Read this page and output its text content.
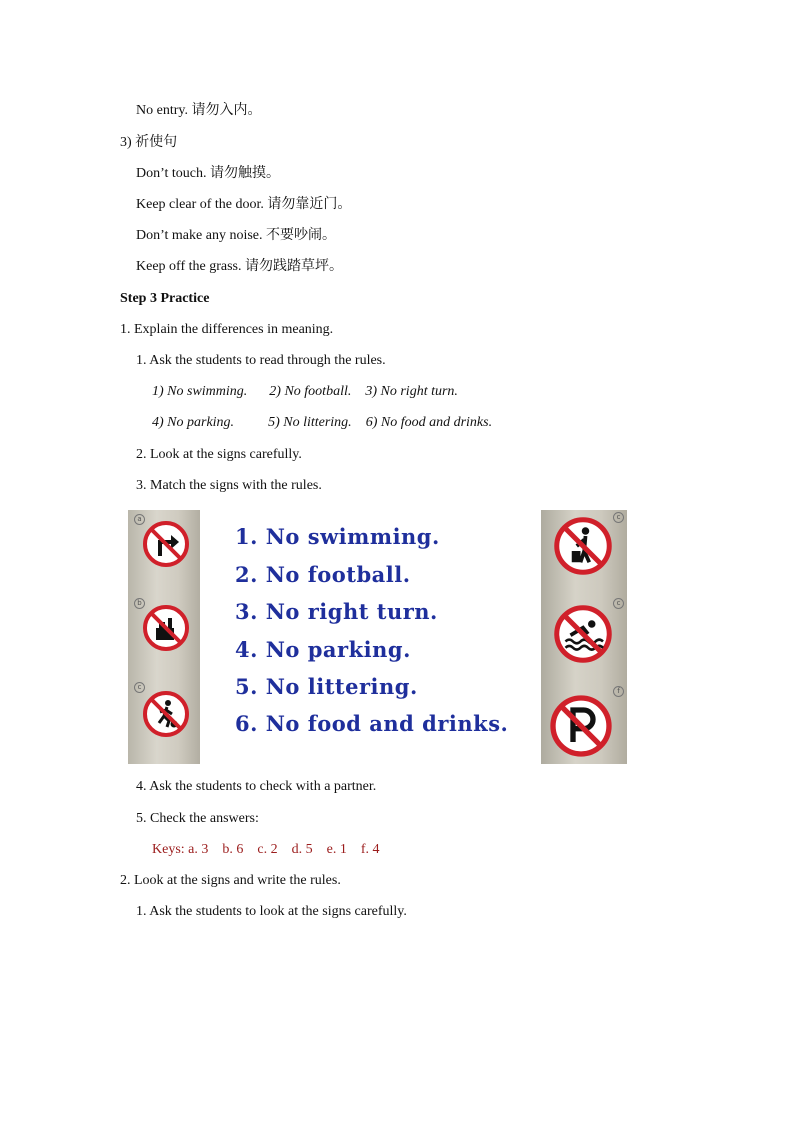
No entry. 请勿入内。
3) 祈使句
Don’t touch. 请勿触摸。
Keep clear of the door. 请勿靠近门。
Don’t make any noise. 不要吵闹。
Keep off the grass. 请勿践踏草坪。
Step 3 Practice
1. Explain the differences in meaning.
1. Ask the students to read through the rules.
1) No swimming. 2) No football. 3) No right turn.
4) No parking. 5) No littering. 6) No food and drinks.
2. Look at the signs carefully.
3. Match the signs with the rules.
a
b
c
1. No swimming.
2. No football.
3. No right turn.
4. No parking.
5. No littering.
6. No food and drinks.
c
c
f
4. Ask the students to check with a partner.
5. Check the answers:
Keys: a. 3 b. 6 c. 2 d. 5 e. 1 f. 4
2. Look at the signs and write the rules.
1. Ask the students to look at the signs carefully.
